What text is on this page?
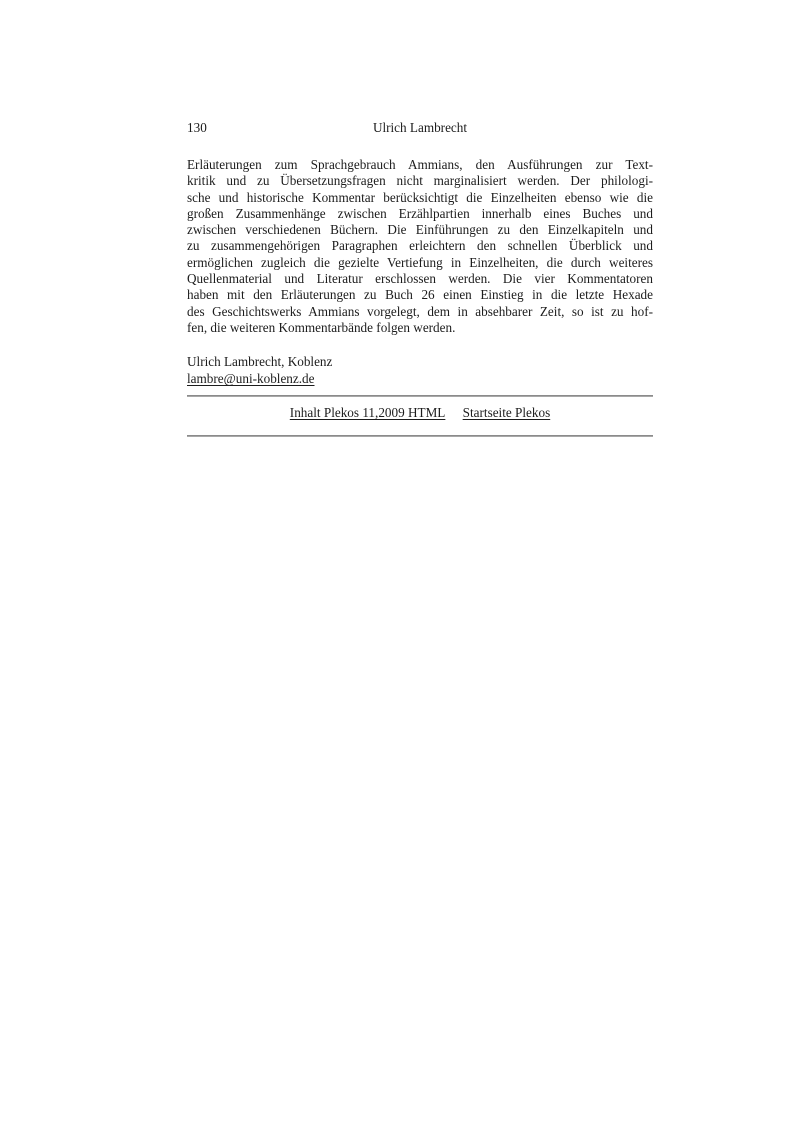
130	Ulrich Lambrecht
Erläuterungen zum Sprachgebrauch Ammians, den Ausführungen zur Text-
kritik und zu Übersetzungsfragen nicht marginalisiert werden. Der philologi-
sche und historische Kommentar berücksichtigt die Einzelheiten ebenso wie die
großen Zusammenhänge zwischen Erzählpartien innerhalb eines Buches und
zwischen verschiedenen Büchern. Die Einführungen zu den Einzelkapiteln und
zu zusammengehörigen Paragraphen erleichtern den schnellen Überblick und
ermöglichen zugleich die gezielte Vertiefung in Einzelheiten, die durch weiteres
Quellenmaterial und Literatur erschlossen werden. Die vier Kommentatoren
haben mit den Erläuterungen zu Buch 26 einen Einstieg in die letzte Hexade
des Geschichtswerks Ammians vorgelegt, dem in absehbarer Zeit, so ist zu hof-
fen, die weiteren Kommentarbände folgen werden.
Ulrich Lambrecht, Koblenz
lambre@uni-koblenz.de
Inhalt Plekos 11,2009 HTML Startseite Plekos
